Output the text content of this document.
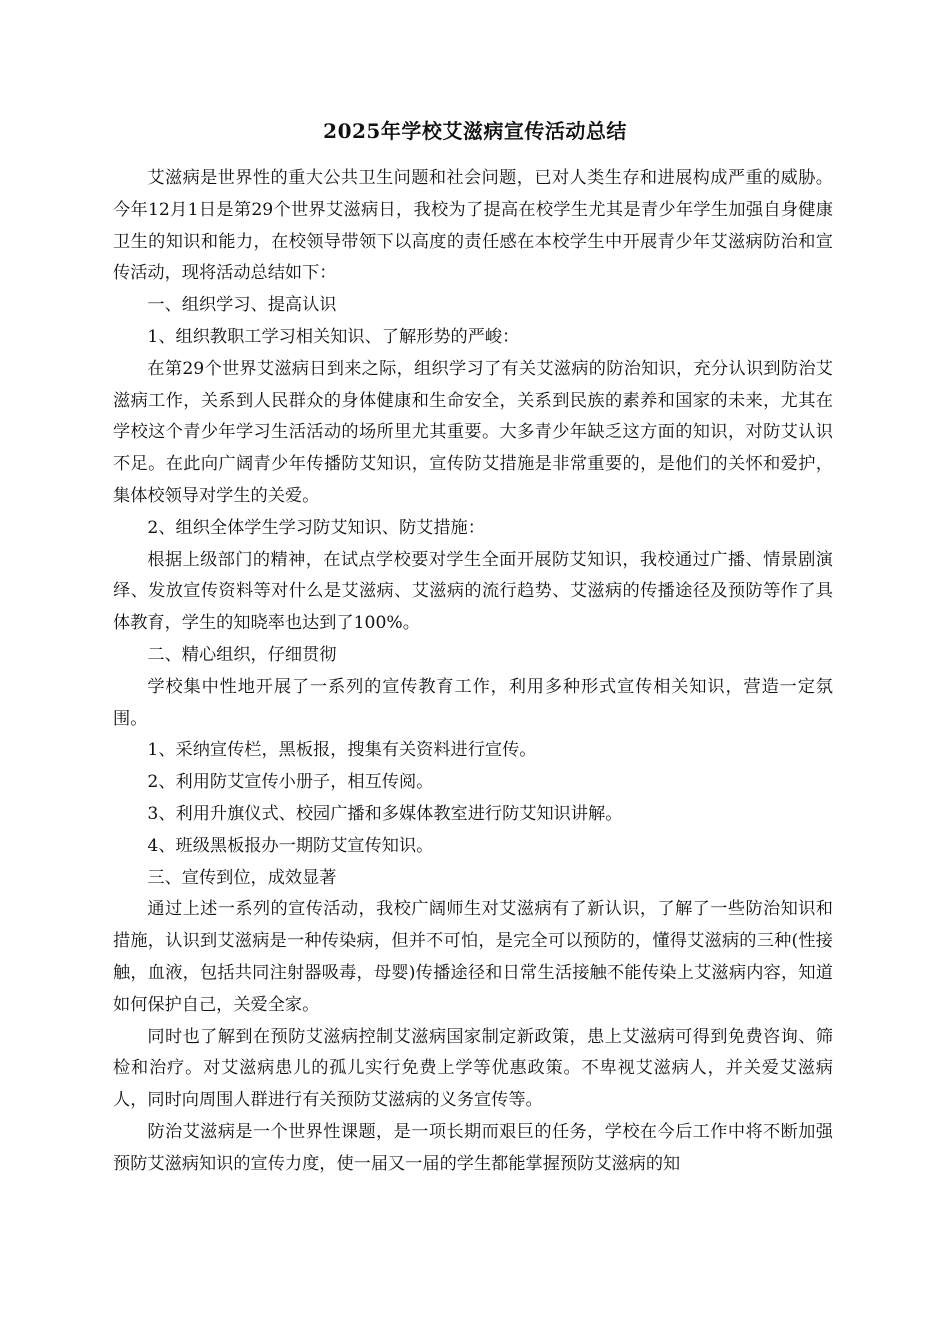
2025年学校艾滋病宣传活动总结

艾滋病是世界性的重大公共卫生问题和社会问题，已对人类生存和进展构成严重的威胁。今年12月1日是第29个世界艾滋病日，我校为了提高在校学生尤其是青少年学生加强自身健康卫生的知识和能力，在校领导带领下以高度的责任感在本校学生中开展青少年艾滋病防治和宣传活动，现将活动总结如下：

一、组织学习、提高认识

1、组织教职工学习相关知识、了解形势的严峻：

在第29个世界艾滋病日到来之际，组织学习了有关艾滋病的防治知识，充分认识到防治艾滋病工作，关系到人民群众的身体健康和生命安全，关系到民族的素养和国家的未来，尤其在学校这个青少年学习生活活动的场所里尤其重要。大多青少年缺乏这方面的知识，对防艾认识不足。在此向广阔青少年传播防艾知识，宣传防艾措施是非常重要的，是他们的关怀和爱护，集体校领导对学生的关爱。

2、组织全体学生学习防艾知识、防艾措施：

根据上级部门的精神，在试点学校要对学生全面开展防艾知识，我校通过广播、情景剧演绎、发放宣传资料等对什么是艾滋病、艾滋病的流行趋势、艾滋病的传播途径及预防等作了具体教育，学生的知晓率也达到了100%。

二、精心组织，仔细贯彻

学校集中性地开展了一系列的宣传教育工作，利用多种形式宣传相关知识，营造一定氛围。

1、采纳宣传栏，黑板报，搜集有关资料进行宣传。

2、利用防艾宣传小册子，相互传阅。

3、利用升旗仪式、校园广播和多媒体教室进行防艾知识讲解。

4、班级黑板报办一期防艾宣传知识。

三、宣传到位，成效显著

通过上述一系列的宣传活动，我校广阔师生对艾滋病有了新认识，了解了一些防治知识和措施，认识到艾滋病是一种传染病，但并不可怕，是完全可以预防的，懂得艾滋病的三种(性接触，血液，包括共同注射器吸毒，母婴)传播途径和日常生活接触不能传染上艾滋病内容，知道如何保护自己，关爱全家。

同时也了解到在预防艾滋病控制艾滋病国家制定新政策，患上艾滋病可得到免费咨询、筛检和治疗。对艾滋病患儿的孤儿实行免费上学等优惠政策。不卑视艾滋病人，并关爱艾滋病人，同时向周围人群进行有关预防艾滋病的义务宣传等。

防治艾滋病是一个世界性课题，是一项长期而艰巨的任务，学校在今后工作中将不断加强预防艾滋病知识的宣传力度，使一届又一届的学生都能掌握预防艾滋病的知
